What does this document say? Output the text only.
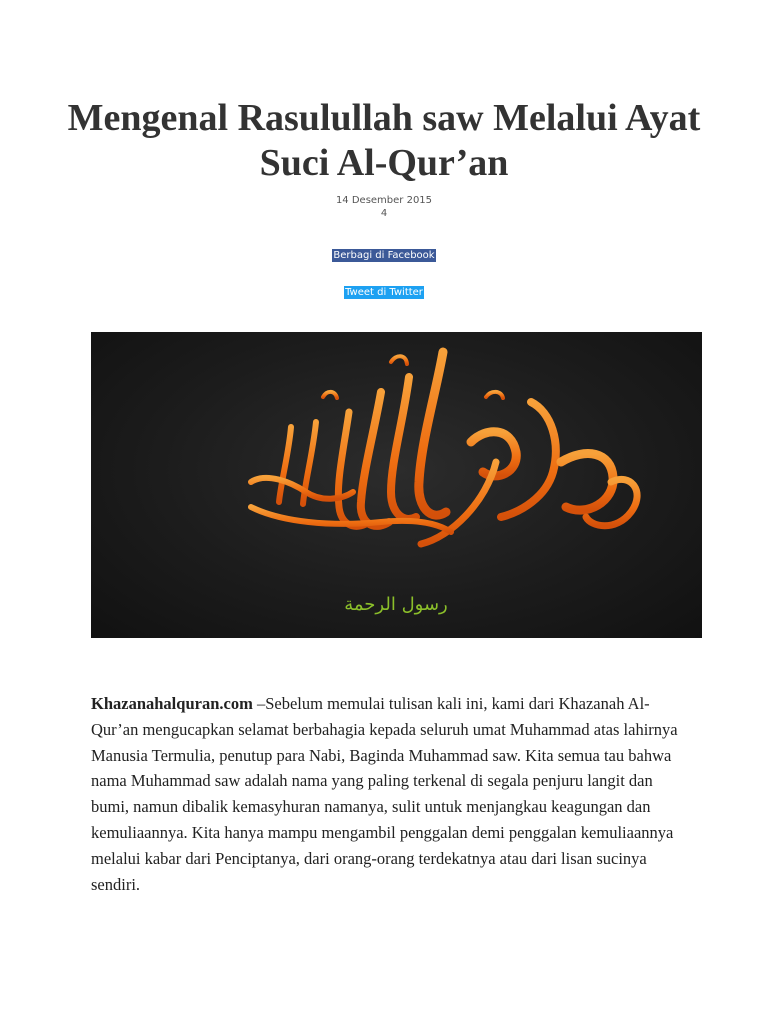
Mengenal Rasulullah saw Melalui Ayat Suci Al-Qur’an
14 Desember 2015
4
Berbagi di Facebook
Tweet di Twitter
رسول الرحمة

Khazanahalquran.com –Sebelum memulai tulisan kali ini, kami dari Khazanah Al-Qur’an mengucapkan selamat berbahagia kepada seluruh umat Muhammad atas lahirnya Manusia Termulia, penutup para Nabi, Baginda Muhammad saw. Kita semua tau bahwa nama Muhammad saw adalah nama yang paling terkenal di segala penjuru langit dan bumi, namun dibalik kemasyhuran namanya, sulit untuk menjangkau keagungan dan kemuliaannya. Kita hanya mampu mengambil penggalan demi penggalan kemuliaannya melalui kabar dari Penciptanya, dari orang-orang terdekatnya atau dari lisan sucinya sendiri.
